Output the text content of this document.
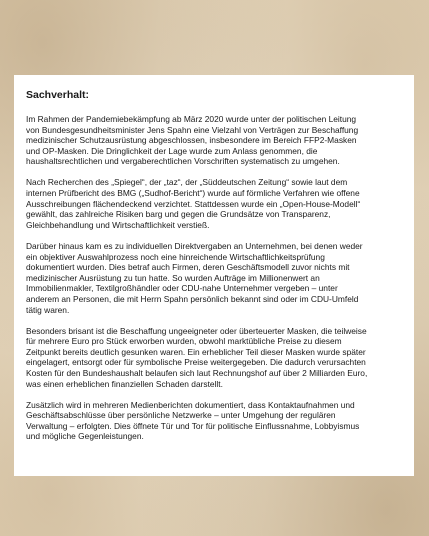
Sachverhalt:

Im Rahmen der Pandemiebekämpfung ab März 2020 wurde unter der politischen Leitung
von Bundesgesundheitsminister Jens Spahn eine Vielzahl von Verträgen zur Beschaffung
medizinischer Schutzausrüstung abgeschlossen, insbesondere im Bereich FFP2-Masken
und OP-Masken. Die Dringlichkeit der Lage wurde zum Anlass genommen, die
haushaltsrechtlichen und vergaberechtlichen Vorschriften systematisch zu umgehen.

Nach Recherchen des „Spiegel“, der „taz“, der „Süddeutschen Zeitung“ sowie laut dem
internen Prüfbericht des BMG („Sudhof-Bericht“) wurde auf förmliche Verfahren wie offene
Ausschreibungen flächendeckend verzichtet. Stattdessen wurde ein „Open-House-Modell“
gewählt, das zahlreiche Risiken barg und gegen die Grundsätze von Transparenz,
Gleichbehandlung und Wirtschaftlichkeit verstieß.

Darüber hinaus kam es zu individuellen Direktvergaben an Unternehmen, bei denen weder
ein objektiver Auswahlprozess noch eine hinreichende Wirtschaftlichkeitsprüfung
dokumentiert wurden. Dies betraf auch Firmen, deren Geschäftsmodell zuvor nichts mit
medizinischer Ausrüstung zu tun hatte. So wurden Aufträge im Millionenwert an
Immobilienmakler, Textilgroßhändler oder CDU-nahe Unternehmer vergeben – unter
anderem an Personen, die mit Herrn Spahn persönlich bekannt sind oder im CDU-Umfeld
tätig waren.

Besonders brisant ist die Beschaffung ungeeigneter oder überteuerter Masken, die teilweise
für mehrere Euro pro Stück erworben wurden, obwohl marktübliche Preise zu diesem
Zeitpunkt bereits deutlich gesunken waren. Ein erheblicher Teil dieser Masken wurde später
eingelagert, entsorgt oder für symbolische Preise weitergegeben. Die dadurch verursachten
Kosten für den Bundeshaushalt belaufen sich laut Rechnungshof auf über 2 Milliarden Euro,
was einen erheblichen finanziellen Schaden darstellt.

Zusätzlich wird in mehreren Medienberichten dokumentiert, dass Kontaktaufnahmen und
Geschäftsabschlüsse über persönliche Netzwerke – unter Umgehung der regulären
Verwaltung – erfolgten. Dies öffnete Tür und Tor für politische Einflussnahme, Lobbyismus
und mögliche Gegenleistungen.
